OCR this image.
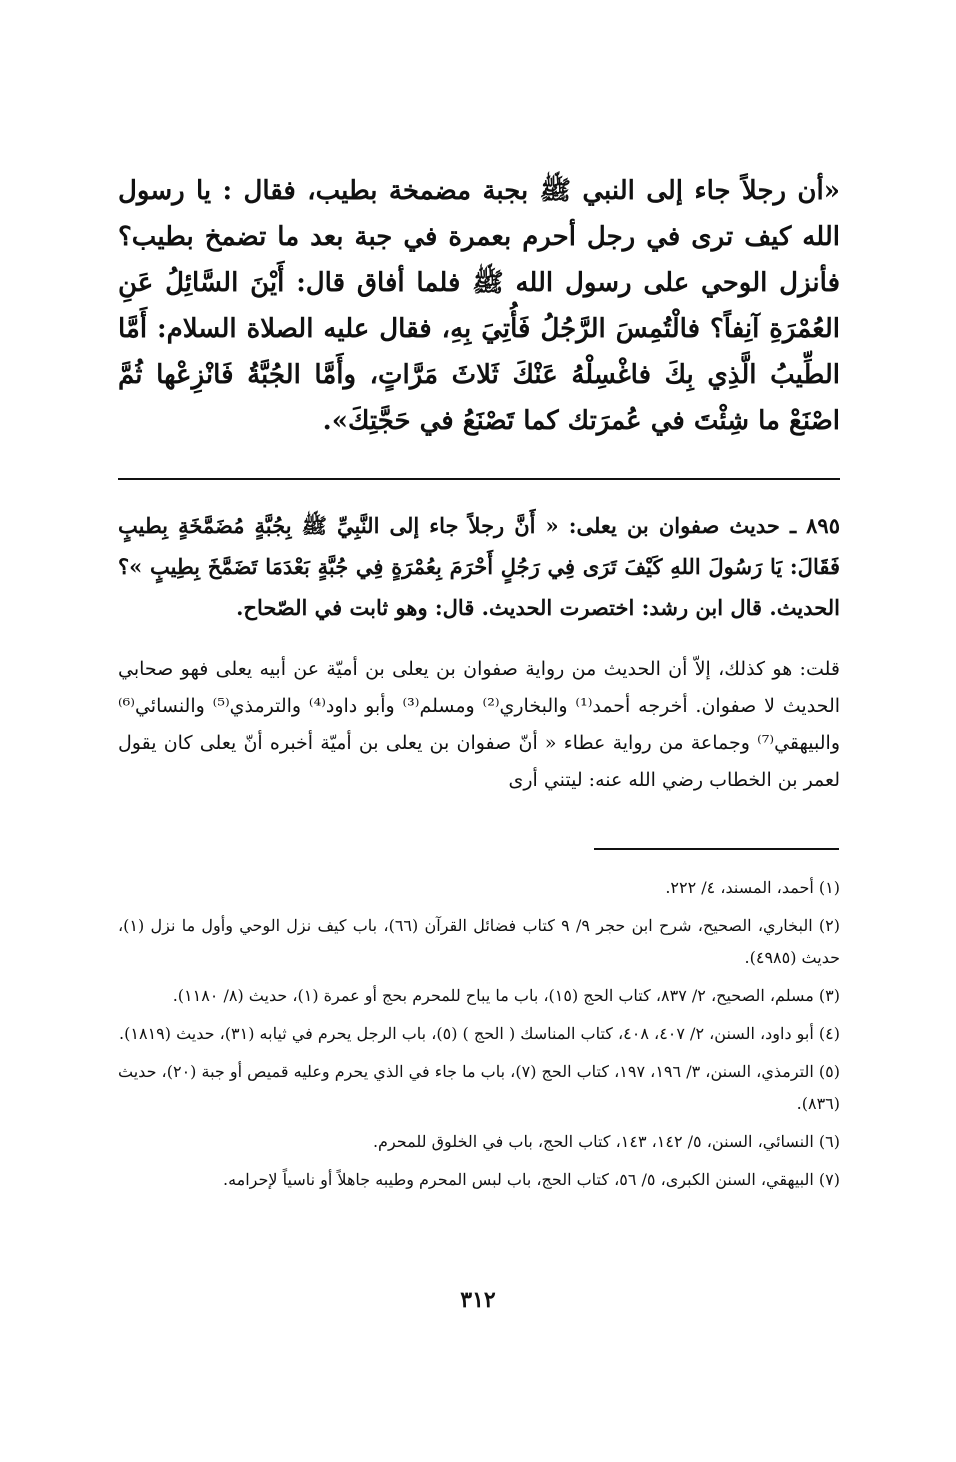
«أن رجلاً جاء إلى النبي ﷺ بجبة مضمخة بطيب، فقال : يا رسول الله كيف ترى في رجل أحرم بعمرة في جبة بعد ما تضمخ بطيب؟ فأنزل الوحي على رسول الله ﷺ فلما أفاق قال: أَيْنَ السَّائِلُ عَنِ العُمْرَةِ آنِفاً؟ فالْتُمِسَ الرَّجُلُ فَأُتِيَ بِهِ، فقال عليه الصلاة السلام: أَمَّا الطِّيبُ الَّذِي بِكَ فاغْسِلْهُ عَنْكَ ثَلاثَ مَرَّاتٍ، وأَمَّا الجُبَّةُ فَانْزِعْها ثُمَّ اصْنَعْ ما شِئْتَ في عُمرَتك كما تَصْنَعُ في حَجَّتِكَ».

٨٩٥ ـ حديث صفوان بن يعلى: « أَنَّ رجلاً جاء إلى النَّبِيِّ ﷺ بِجُبَّةٍ مُضَمَّخَةٍ بِطيبٍ فَقَالَ: يَا رَسُولَ اللهِ كَيْفَ تَرَى فِي رَجُلٍ أَحْرَمَ بِعُمْرَةٍ فِي جُبَّةٍ بَعْدَمَا تَضَمَّخَ بِطِيبٍ »؟ الحديث. قال ابن رشد: اختصرت الحديث. قال: وهو ثابت في الصّحاح.

قلت: هو كذلك، إلاّ أن الحديث من رواية صفوان بن يعلى بن أميّة عن أبيه يعلى فهو صحابي الحديث لا صفوان. أخرجه أحمد⁽¹⁾ والبخاري⁽²⁾ ومسلم⁽³⁾ وأبو داود⁽⁴⁾ والترمذي⁽⁵⁾ والنسائي⁽⁶⁾ والبيهقي⁽⁷⁾ وجماعة من رواية عطاء « أنّ صفوان بن يعلى بن أميّة أخبره أنّ يعلى كان يقول لعمر بن الخطاب رضي الله عنه: ليتني أرى

(١) أحمد، المسند، ٤/ ٢٢٢.
(٢) البخاري، الصحيح، شرح ابن حجر ٩/ ٩ كتاب فضائل القرآن (٦٦)، باب كيف نزل الوحي وأول ما نزل (١)، حديث (٤٩٨٥).
(٣) مسلم، الصحيح، ٢/ ٨٣٧، كتاب الحج (١٥)، باب ما يباح للمحرم بحج أو عمرة (١)، حديث (٨/ ١١٨٠).
(٤) أبو داود، السنن، ٢/ ٤٠٧، ٤٠٨، كتاب المناسك ( الحج ) (٥)، باب الرجل يحرم في ثيابه (٣١)، حديث (١٨١٩).
(٥) الترمذي، السنن، ٣/ ١٩٦، ١٩٧، كتاب الحج (٧)، باب ما جاء في الذي يحرم وعليه قميص أو جبة (٢٠)، حديث (٨٣٦).
(٦) النسائي، السنن، ٥/ ١٤٢، ١٤٣، كتاب الحج، باب في الخلوق للمحرم.
(٧) البيهقي، السنن الكبرى، ٥/ ٥٦، كتاب الحج، باب لبس المحرم وطيبه جاهلاً أو ناسياً لإحرامه.
٣١٢
